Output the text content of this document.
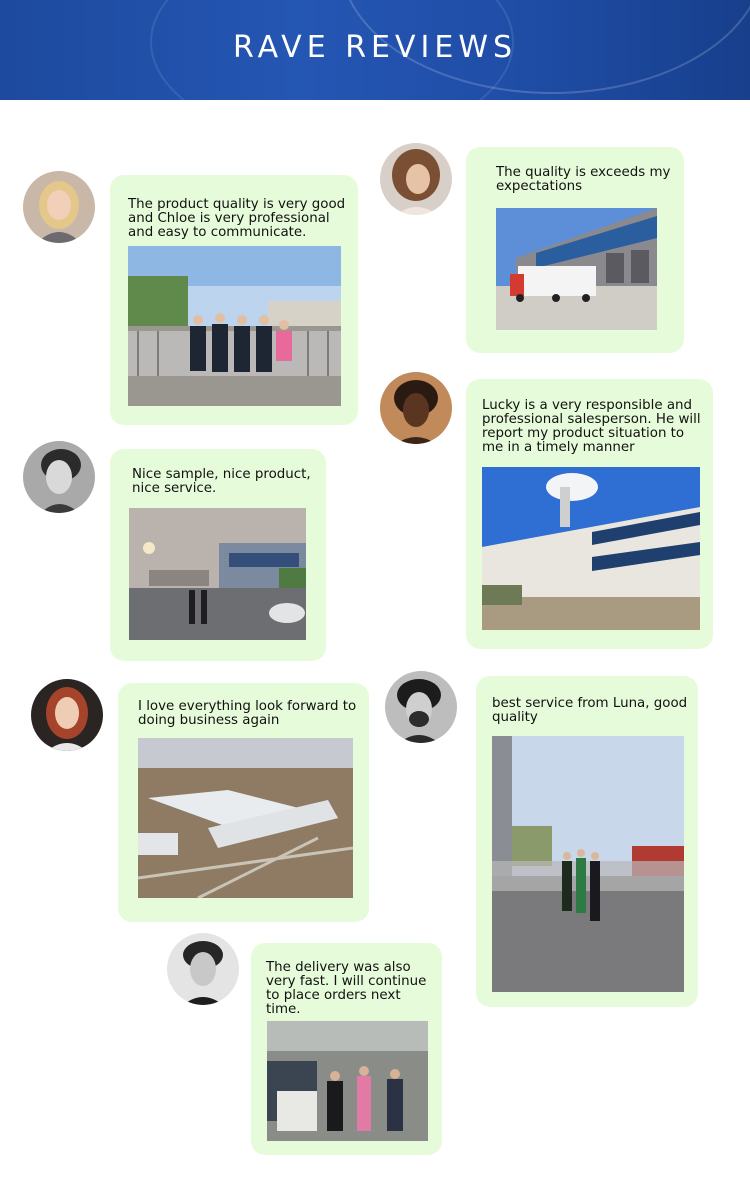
RAVE REVIEWS

The product quality is very good and Chloe is very professional and easy to communicate.

The quality is exceeds my expectations

Nice sample, nice product, nice service.

Lucky is a very responsible and professional salesperson. He will report my product situation to me in a timely manner

I love everything look forward to doing business again

best service from Luna, good quality

The delivery was also very fast. I will continue to place orders next time.
